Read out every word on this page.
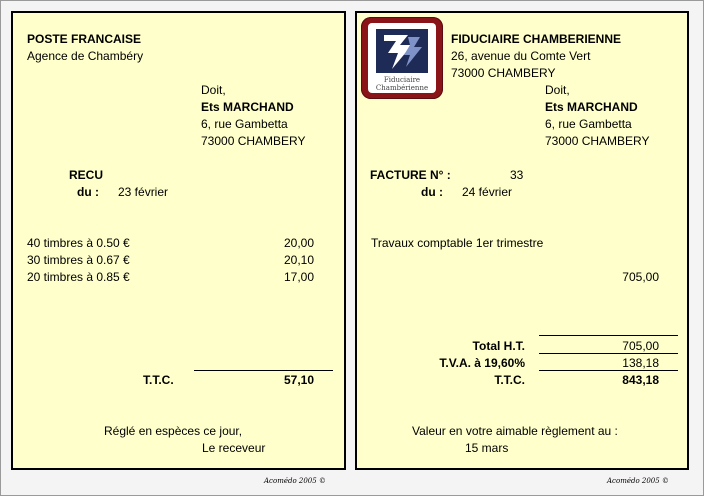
POSTE FRANCAISE
Agence de Chambéry
Doit,
Ets MARCHAND
6, rue Gambetta
73000 CHAMBERY
RECU
du : 23 février
40 timbres à 0.50 €	20,00
30 timbres à 0.67 €	20,10
20 timbres à 0.85 €	17,00
T.T.C.	57,10
Réglé en espèces ce jour,
Le receveur
Fiduciaire
Chambérienne
FIDUCIAIRE CHAMBERIENNE
26, avenue du Comte Vert
73000 CHAMBERY
Doit,
Ets MARCHAND
6, rue Gambetta
73000 CHAMBERY
FACTURE N° :	33
du : 24 février
Travaux comptable 1er trimestre
705,00
Total H.T.	705,00
T.V.A. à 19,60%	138,18
T.T.C.	843,18
Valeur en votre aimable règlement au :
15 mars
Acomédo 2005 ©	Acomédo 2005 ©
